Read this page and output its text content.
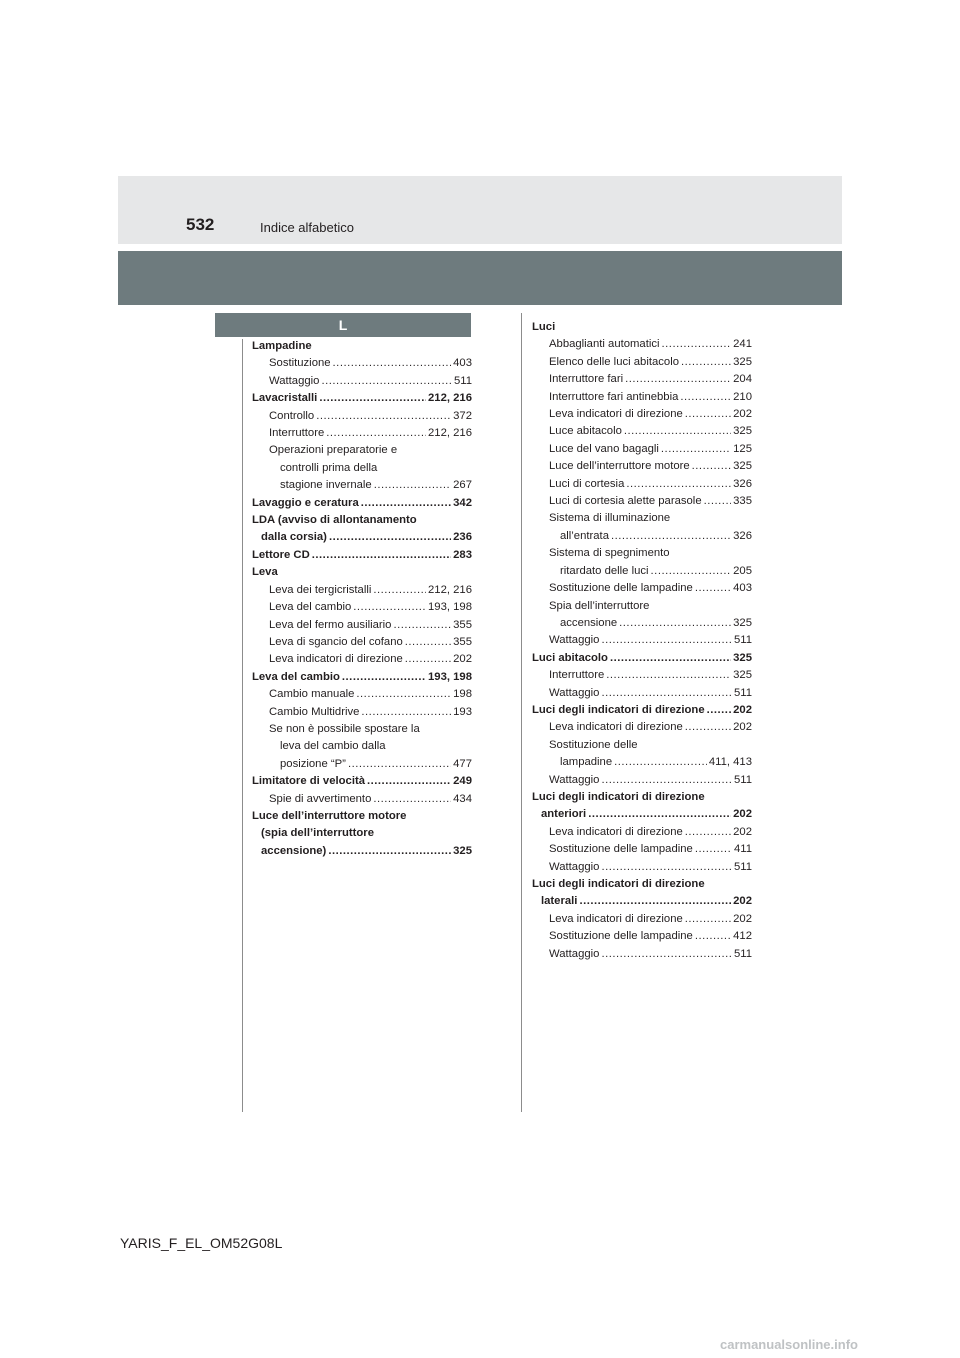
532	Indice alfabetico
L
Lampadine
Sostituzione .....	403
Wattaggio .....	511
Lavacristalli .....	212, 216
Controllo .....	372
Interruttore .....	212, 216
Operazioni preparatorie e
controlli prima della
stagione invernale .....	267
Lavaggio e ceratura .....	342
LDA (avviso di allontanamento
dalla corsia) .....	236
Lettore CD .....	283
Leva
Leva dei tergicristalli .....	212, 216
Leva del cambio .....	193, 198
Leva del fermo ausiliario .....	355
Leva di sgancio del cofano .....	355
Leva indicatori di direzione .....	202
Leva del cambio .....	193, 198
Cambio manuale .....	198
Cambio Multidrive .....	193
Se non è possibile spostare la
leva del cambio dalla
posizione “P” .....	477
Limitatore di velocità .....	249
Spie di avvertimento .....	434
Luce dell’interruttore motore
(spia dell’interruttore
accensione) .....	325
Luci
Abbaglianti automatici .....	241
Elenco delle luci abitacolo .....	325
Interruttore fari .....	204
Interruttore fari antinebbia .....	210
Leva indicatori di direzione .....	202
Luce abitacolo .....	325
Luce del vano bagagli .....	125
Luce dell’interruttore motore .....	325
Luci di cortesia .....	326
Luci di cortesia alette parasole .....	335
Sistema di illuminazione
all’entrata .....	326
Sistema di spegnimento
ritardato delle luci .....	205
Sostituzione delle lampadine .....	403
Spia dell’interruttore
accensione .....	325
Wattaggio .....	511
Luci abitacolo .....	325
Interruttore .....	325
Wattaggio .....	511
Luci degli indicatori di direzione .....	202
Leva indicatori di direzione .....	202
Sostituzione delle
lampadine .....	411, 413
Wattaggio .....	511
Luci degli indicatori di direzione
anteriori .....	202
Leva indicatori di direzione .....	202
Sostituzione delle lampadine .....	411
Wattaggio .....	511
Luci degli indicatori di direzione
laterali .....	202
Leva indicatori di direzione .....	202
Sostituzione delle lampadine .....	412
Wattaggio .....	511
YARIS_F_EL_OM52G08L
carmanualsonline.info
